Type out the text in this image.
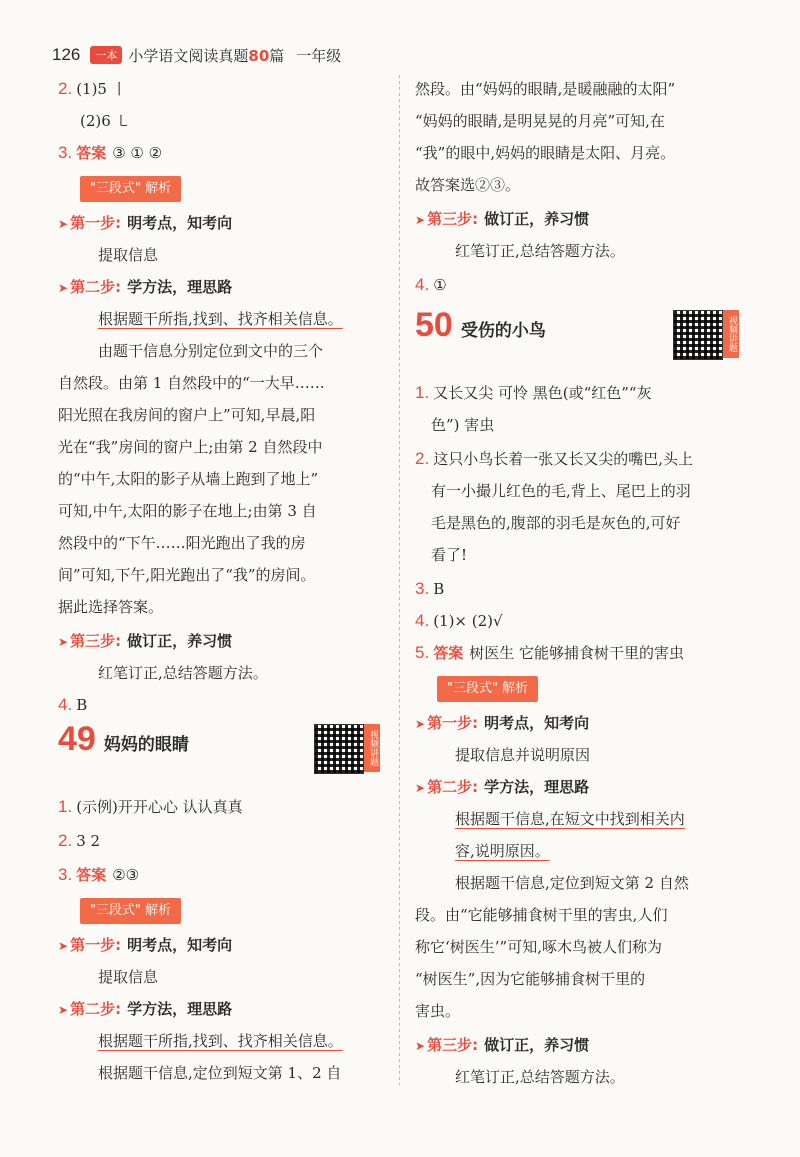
126	一本 小学语文阅读真题80篇 一年级
2. (1)5 丨
(2)6 ㇄
3. 答案 ③ ① ②
"三段式" 解析
➤ 第一步: 明考点，知考向
提取信息
➤ 第二步: 学方法，理思路
根据题干所指,找到、找齐相关信息。
由题干信息分别定位到文中的三个
自然段。由第 1 自然段中的“一大早……
阳光照在我房间的窗户上”可知,早晨,阳
光在“我”房间的窗户上;由第 2 自然段中
的“中午,太阳的影子从墙上跑到了地上”
可知,中午,太阳的影子在地上;由第 3 自
然段中的“下午……阳光跑出了我的房
间”可知,下午,阳光跑出了“我”的房间。
据此选择答案。
➤ 第三步: 做订正，养习惯
红笔订正,总结答题方法。
4. B
49 妈妈的眼睛	视频讲题
1. (示例)开开心心 认认真真
2. 3 2
3. 答案 ②③
"三段式" 解析
➤ 第一步: 明考点，知考向
提取信息
➤ 第二步: 学方法，理思路
根据题干所指,找到、找齐相关信息。
根据题干信息,定位到短文第 1、2 自
然段。由“妈妈的眼睛,是暖融融的太阳”
“妈妈的眼睛,是明晃晃的月亮”可知,在
“我”的眼中,妈妈的眼睛是太阳、月亮。
故答案选②③。
➤ 第三步: 做订正，养习惯
红笔订正,总结答题方法。
4. ①
50 受伤的小鸟	视频讲题
1. 又长又尖 可怜 黑色(或“红色”“灰
色”) 害虫
2. 这只小鸟长着一张又长又尖的嘴巴,头上
有一小撮儿红色的毛,背上、尾巴上的羽
毛是黑色的,腹部的羽毛是灰色的,可好
看了!
3. B
4. (1)× (2)√
5. 答案 树医生 它能够捕食树干里的害虫
"三段式" 解析
➤ 第一步: 明考点，知考向
提取信息并说明原因
➤ 第二步: 学方法，理思路
根据题干信息,在短文中找到相关内
容,说明原因。
根据题干信息,定位到短文第 2 自然
段。由“它能够捕食树干里的害虫,人们
称它‘树医生’”可知,啄木鸟被人们称为
“树医生”,因为它能够捕食树干里的
害虫。
➤ 第三步: 做订正，养习惯
红笔订正,总结答题方法。
